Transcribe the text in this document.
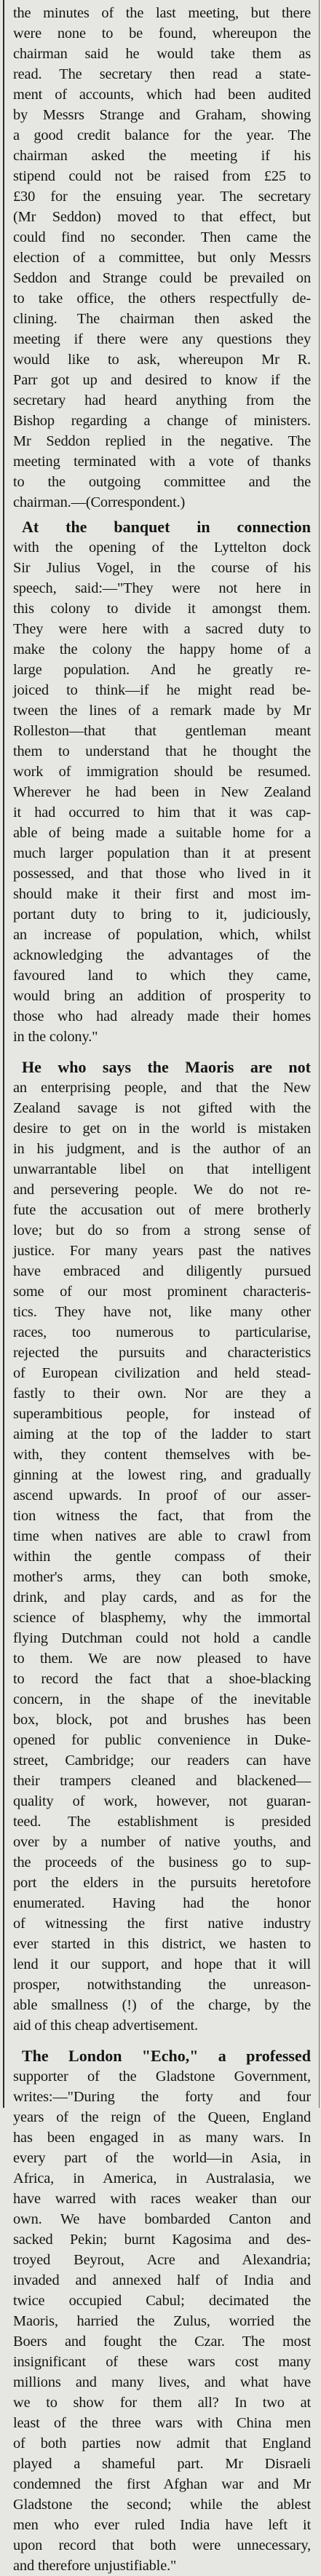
the minutes of the last meeting, but there
were none to be found, whereupon the
chairman said he would take them as
read. The secretary then read a state-
ment of accounts, which had been audited
by Messrs Strange and Graham, showing
a good credit balance for the year. The
chairman asked the meeting if his
stipend could not be raised from £25 to
£30 for the ensuing year. The secretary
(Mr Seddon) moved to that effect, but
could find no seconder. Then came the
election of a committee, but only Messrs
Seddon and Strange could be prevailed on
to take office, the others respectfully de-
clining. The chairman then asked the
meeting if there were any questions they
would like to ask, whereupon Mr R.
Parr got up and desired to know if the
secretary had heard anything from the
Bishop regarding a change of ministers.
Mr Seddon replied in the negative. The
meeting terminated with a vote of thanks
to the outgoing committee and the
chairman.—(Correspondent.)
At the banquet in connection
with the opening of the Lyttelton dock
Sir Julius Vogel, in the course of his
speech, said:—"They were not here in
this colony to divide it amongst them.
They were here with a sacred duty to
make the colony the happy home of a
large population. And he greatly re-
joiced to think—if he might read be-
tween the lines of a remark made by Mr
Rolleston—that that gentleman meant
them to understand that he thought the
work of immigration should be resumed.
Wherever he had been in New Zealand
it had occurred to him that it was cap-
able of being made a suitable home for a
much larger population than it at present
possessed, and that those who lived in it
should make it their first and most im-
portant duty to bring to it, judiciously,
an increase of population, which, whilst
acknowledging the advantages of the
favoured land to which they came,
would bring an addition of prosperity to
those who had already made their homes
in the colony."
He who says the Maoris are not
an enterprising people, and that the New
Zealand savage is not gifted with the
desire to get on in the world is mistaken
in his judgment, and is the author of an
unwarrantable libel on that intelligent
and persevering people. We do not re-
fute the accusation out of mere brotherly
love; but do so from a strong sense of
justice. For many years past the natives
have embraced and diligently pursued
some of our most prominent characteris-
tics. They have not, like many other
races, too numerous to particularise,
rejected the pursuits and characteristics
of European civilization and held stead-
fastly to their own. Nor are they a
superambitious people, for instead of
aiming at the top of the ladder to start
with, they content themselves with be-
ginning at the lowest ring, and gradually
ascend upwards. In proof of our asser-
tion witness the fact, that from the
time when natives are able to crawl from
within the gentle compass of their
mother's arms, they can both smoke,
drink, and play cards, and as for the
science of blasphemy, why the immortal
flying Dutchman could not hold a candle
to them. We are now pleased to have
to record the fact that a shoe-blacking
concern, in the shape of the inevitable
box, block, pot and brushes has been
opened for public convenience in Duke-
street, Cambridge; our readers can have
their trampers cleaned and blackened—
quality of work, however, not guaran-
teed. The establishment is presided
over by a number of native youths, and
the proceeds of the business go to sup-
port the elders in the pursuits heretofore
enumerated. Having had the honor
of witnessing the first native industry
ever started in this district, we hasten to
lend it our support, and hope that it will
prosper, notwithstanding the unreason-
able smallness (!) of the charge, by the
aid of this cheap advertisement.
The London "Echo," a professed
supporter of the Gladstone Government,
writes:—"During the forty and four
years of the reign of the Queen, England
has been engaged in as many wars. In
every part of the world—in Asia, in
Africa, in America, in Australasia, we
have warred with races weaker than our
own. We have bombarded Canton and
sacked Pekin; burnt Kagosima and des-
troyed Beyrout, Acre and Alexandria;
invaded and annexed half of India and
twice occupied Cabul; decimated the
Maoris, harried the Zulus, worried the
Boers and fought the Czar. The most
insignificant of these wars cost many
millions and many lives, and what have
we to show for them all? In two at
least of the three wars with China men
of both parties now admit that England
played a shameful part. Mr Disraeli
condemned the first Afghan war and Mr
Gladstone the second; while the ablest
men who ever ruled India have left it
upon record that both were unnecessary,
and therefore unjustifiable."
